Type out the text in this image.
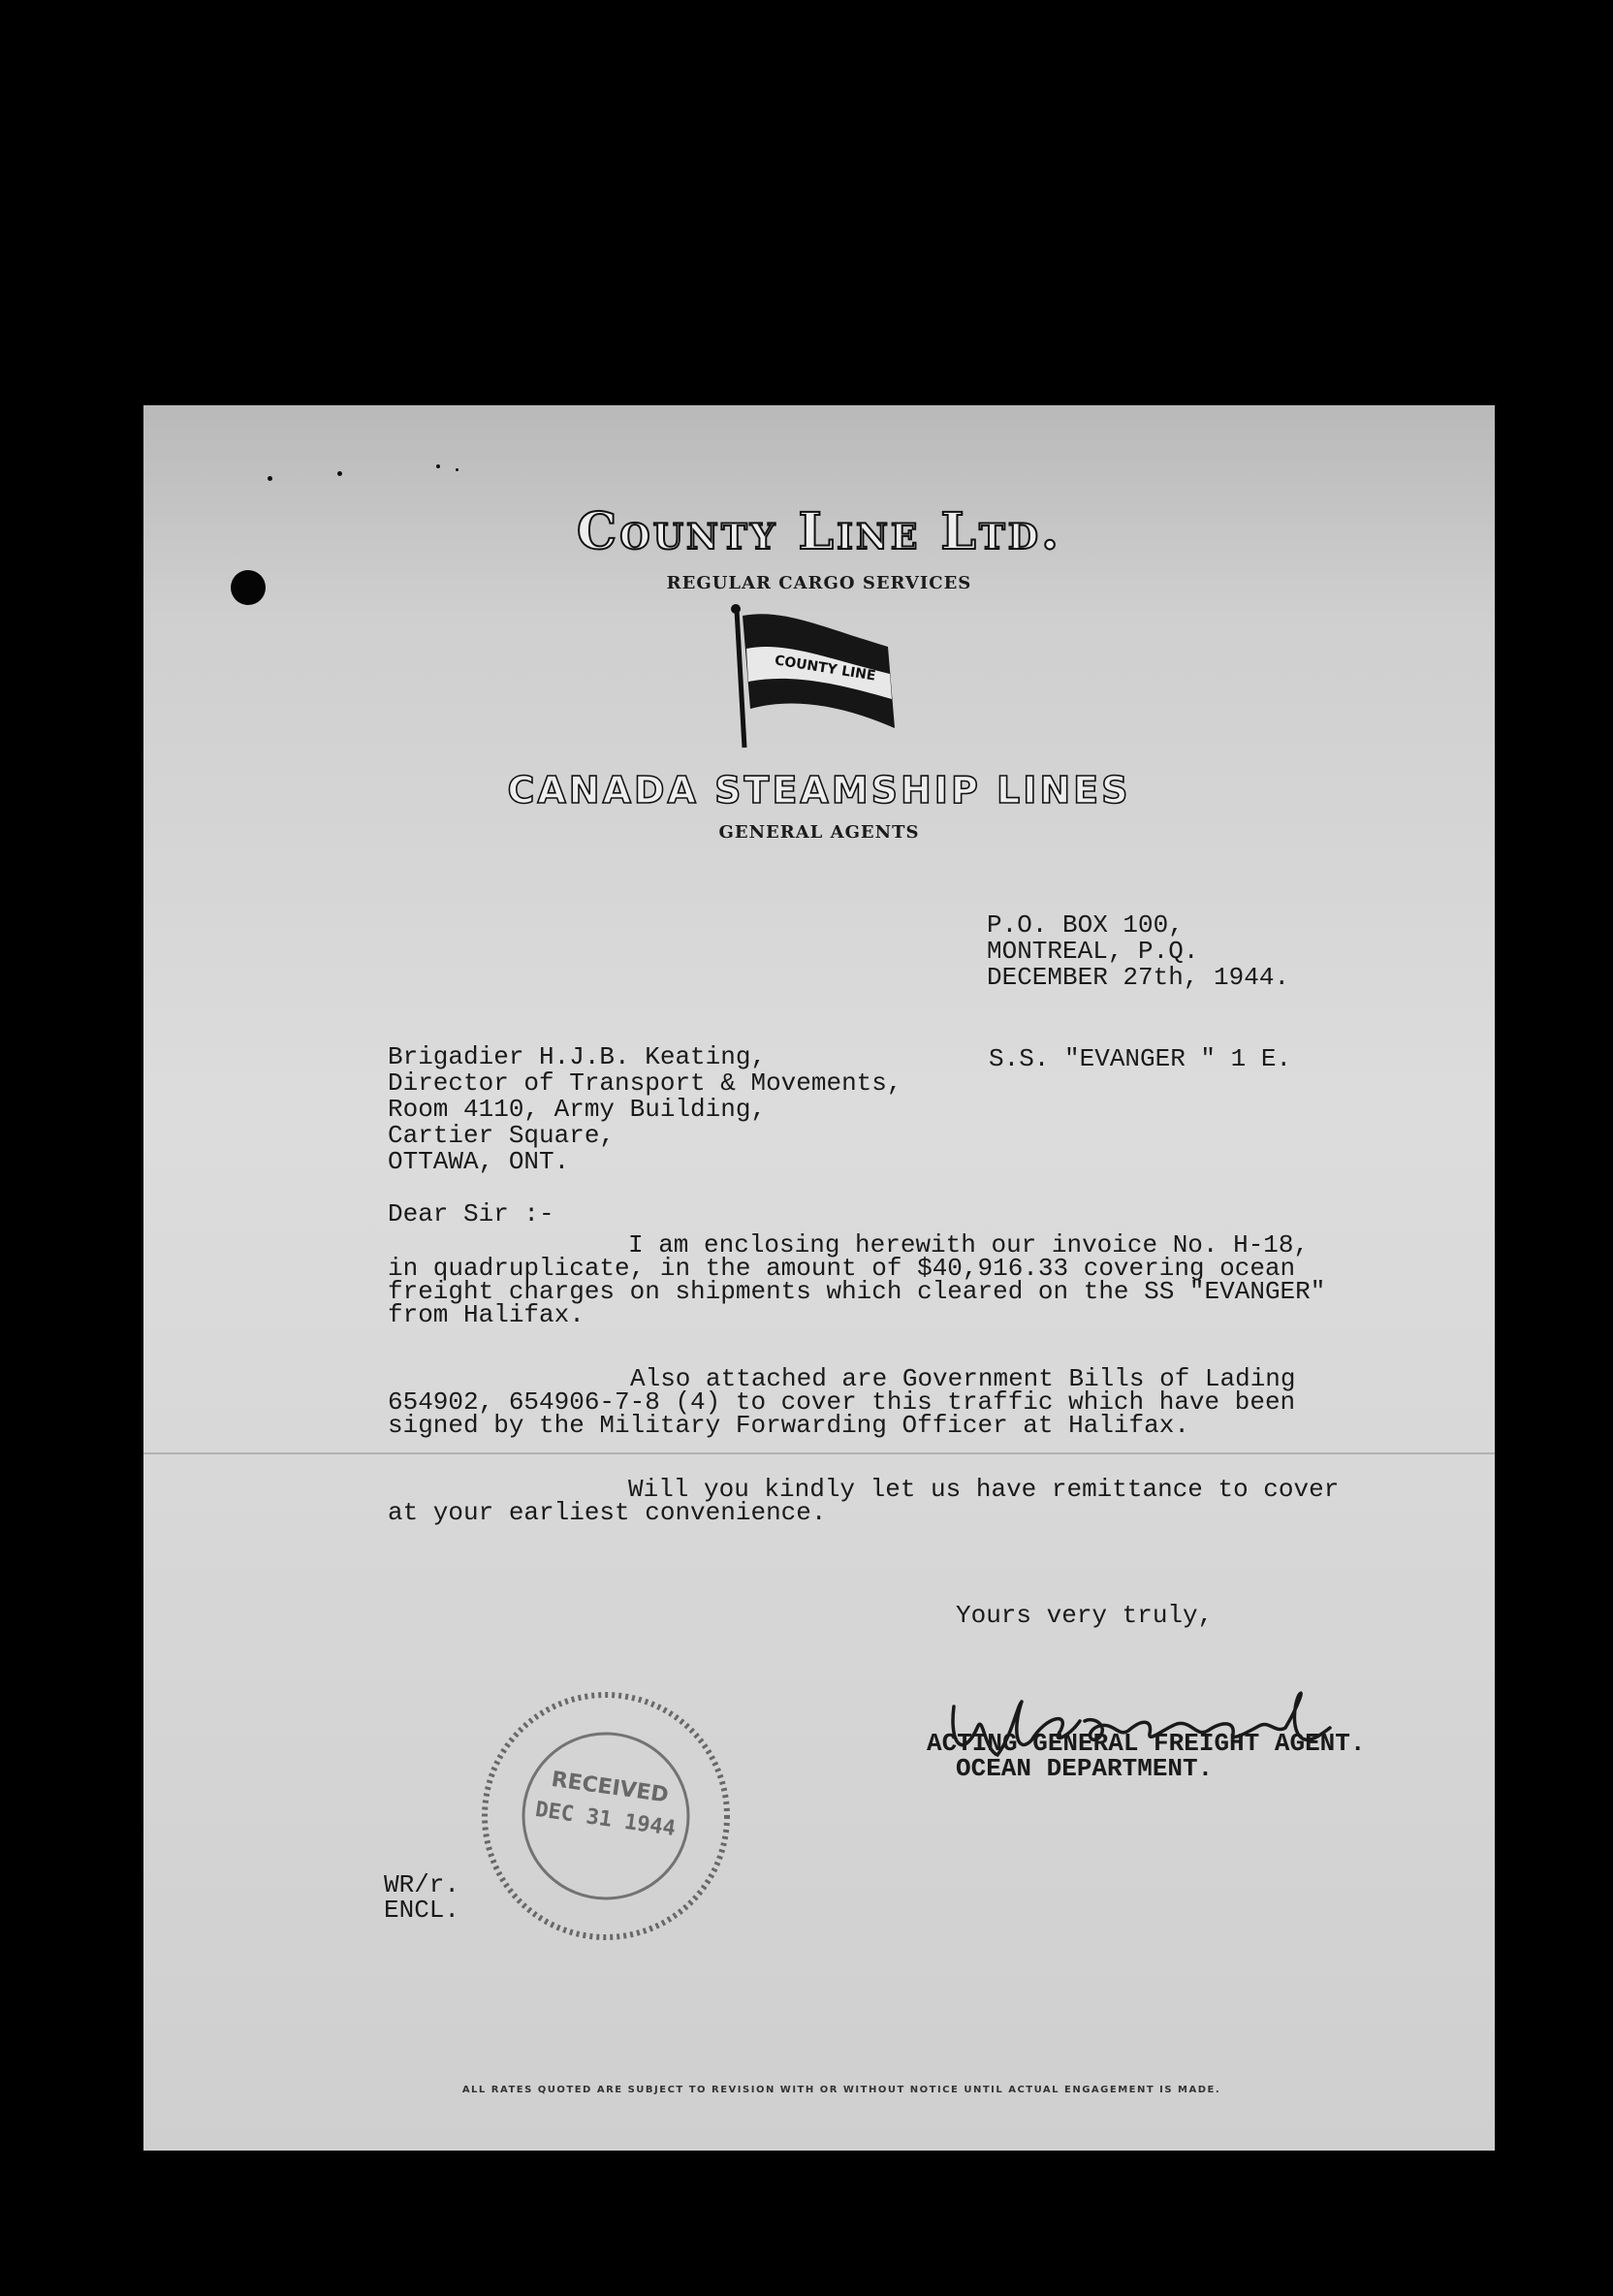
County Line Ltd.
REGULAR CARGO SERVICES
COUNTY LINE
CANADA STEAMSHIP LINES
GENERAL AGENTS
P.O. BOX 100,
MONTREAL, P.Q.
DECEMBER 27th, 1944.
S.S. "EVANGER " 1 E.
Brigadier H.J.B. Keating,
Director of Transport & Movements,
Room 4110, Army Building,
Cartier Square,
OTTAWA, ONT.
Dear Sir :-
I am enclosing herewith our invoice No. H-18,
in quadruplicate, in the amount of $40,916.33 covering ocean
freight charges on shipments which cleared on the SS "EVANGER"
from Halifax.
Also attached are Government Bills of Lading
654902, 654906-7-8 (4) to cover this traffic which have been
signed by the Military Forwarding Officer at Halifax.
Will you kindly let us have remittance to cover
at your earliest convenience.
Yours very truly,
ACTING GENERAL FREIGHT AGENT.
OCEAN DEPARTMENT.
WR/r.
ENCL.
RECEIVED
DEC 31 1944
ALL RATES QUOTED ARE SUBJECT TO REVISION WITH OR WITHOUT NOTICE UNTIL ACTUAL ENGAGEMENT IS MADE.
